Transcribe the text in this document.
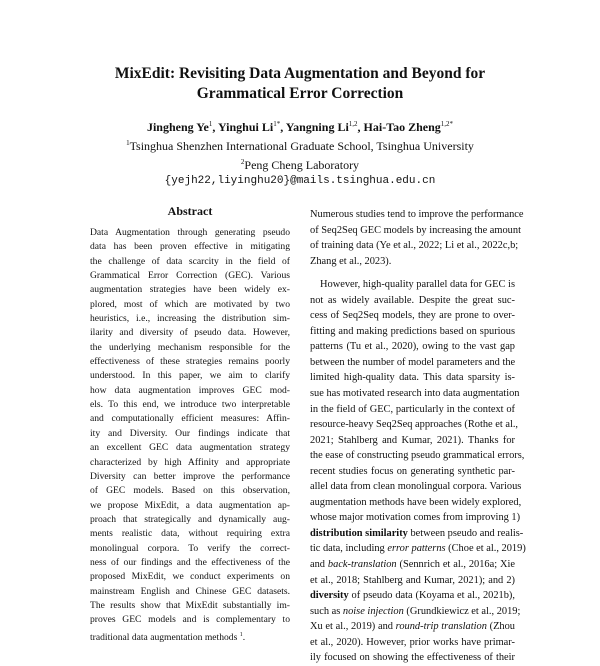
MixEdit: Revisiting Data Augmentation and Beyond for
Grammatical Error Correction
Jingheng Ye$^1$, Yinghui $Li^{1*}$, Yangning Li$^{1,2}$, Hai-Tao Zheng$^{1,2*}$
$^1$Tsinghua Shenzhen International Graduate School, Tsinghua University
$^2$Peng Cheng Laboratory
{yejh22,liyinghu20}@mails.tsinghua.edu.cn
Abstract
Data Augmentation through generating pseudo
data has been proven effective in mitigating
the challenge of data scarcity in the field of
Grammatical Error Correction (GEC). Various
augmentation strategies have been widely ex-
plored, most of which are motivated by two
heuristics, i.e., increasing the distribution sim-
ilarity and diversity of pseudo data. However,
the underlying mechanism responsible for the
effectiveness of these strategies remains poorly
understood. In this paper, we aim to clarify
how data augmentation improves GEC mod-
els. To this end, we introduce two interpretable
and computationally efficient measures: Affin-
ity and Diversity. Our findings indicate that
an excellent GEC data augmentation strategy
characterized by high Affinity and appropriate
Diversity can better improve the performance
of GEC models. Based on this observation,
we propose MixEdit, a data augmentation ap-
proach that strategically and dynamically aug-
ments realistic data, without requiring extra
monolingual corpora. To verify the correct-
ness of our findings and the effectiveness of the
proposed MixEdit, we conduct experiments on
mainstream English and Chinese GEC datasets.
The results show that MixEdit substantially im-
proves GEC models and is complementary to
traditional data augmentation methods $^1$.
Numerous studies tend to improve the performance
of Seq2Seq GEC models by increasing the amount
of training data (Ye et al., 2022; Li et al., 2022c,b;
Zhang et al., 2023).
However, high-quality parallel data for GEC is
not as widely available. Despite the great suc-
cess of Seq2Seq models, they are prone to over-
fitting and making predictions based on spurious
patterns (Tu et al., 2020), owing to the vast gap
between the number of model parameters and the
limited high-quality data. This data sparsity is-
sue has motivated research into data augmentation
in the field of GEC, particularly in the context of
resource-heavy Seq2Seq approaches (Rothe et al.,
2021; Stahlberg and Kumar, 2021). Thanks for
the ease of constructing pseudo grammatical errors,
recent studies focus on generating synthetic par-
allel data from clean monolingual corpora. Various
augmentation methods have been widely explored,
whose major motivation comes from improving 1)
distribution similarity between pseudo and realis-
tic data, including error patterns (Choe et al., 2019)
and back-translation (Sennrich et al., 2016a; Xie
et al., 2018; Stahlberg and Kumar, 2021); and 2)
diversity of pseudo data (Koyama et al., 2021b),
such as noise injection (Grundkiewicz et al., 2019;
Xu et al., 2019) and round-trip translation (Zhou
et al., 2020). However, prior works have primar-
ily focused on showing the effectiveness of their
